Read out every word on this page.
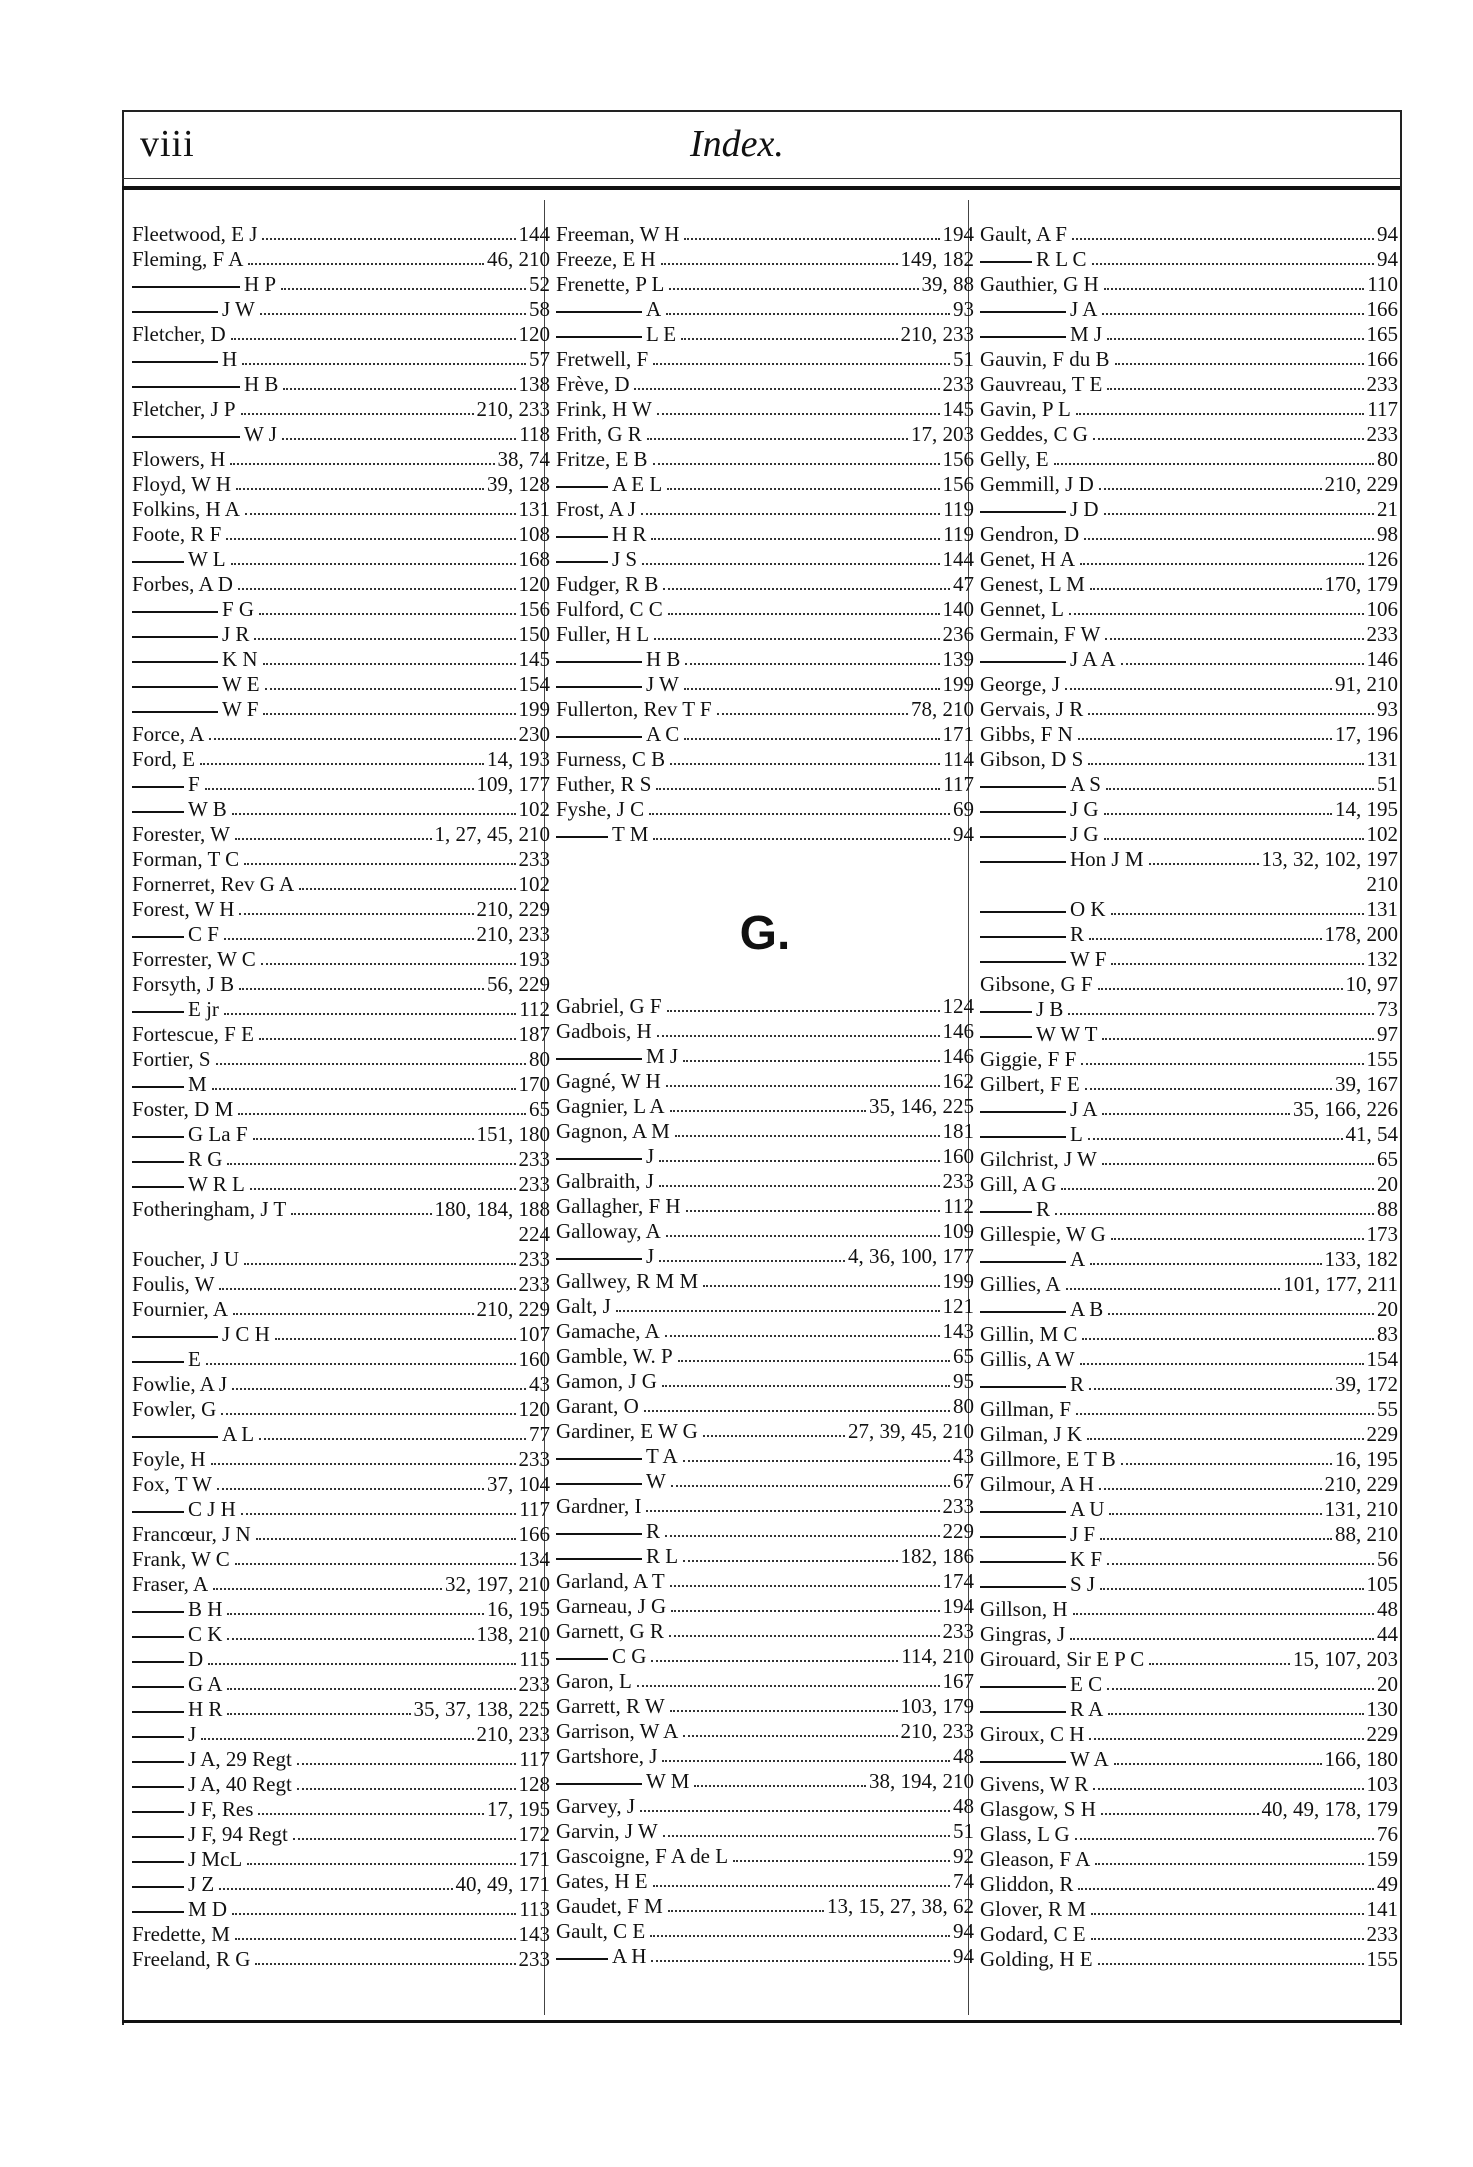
viii	Index.
Fleetwood, E J	144
Fleming, F A	46, 210
H P	52
J W	58
Fletcher, D	120
H	57
H B	138
Fletcher, J P	210, 233
W J	118
Flowers, H	38, 74
Floyd, W H	39, 128
Folkins, H A	131
Foote, R F	108
W L	168
Forbes, A D	120
F G	156
J R	150
K N	145
W E	154
W F	199
Force, A	230
Ford, E	14, 193
F	109, 177
W B	102
Forester, W	1, 27, 45, 210
Forman, T C	233
Fornerret, Rev G A	102
Forest, W H	210, 229
C F	210, 233
Forrester, W C	193
Forsyth, J B	56, 229
E jr	112
Fortescue, F E	187
Fortier, S	80
M	170
Foster, D M	65
G La F	151, 180
R G	233
W R L	233
Fotheringham, J T	180, 184, 188
224
Foucher, J U	233
Foulis, W	233
Fournier, A	210, 229
J C H	107
E	160
Fowlie, A J	43
Fowler, G	120
A L	77
Foyle, H	233
Fox, T W	37, 104
C J H	117
Francœur, J N	166
Frank, W C	134
Fraser, A	32, 197, 210
B H	16, 195
C K	138, 210
D	115
G A	233
H R	35, 37, 138, 225
J	210, 233
J A, 29 Regt	117
J A, 40 Regt	128
J F, Res	17, 195
J F, 94 Regt	172
J McL	171
J Z	40, 49, 171
M D	113
Fredette, M	143
Freeland, R G	233
Freeman, W H	194
Freeze, E H	149, 182
Frenette, P L	39, 88
A	93
L E	210, 233
Fretwell, F	51
Frève, D	233
Frink, H W	145
Frith, G R	17, 203
Fritze, E B	156
A E L	156
Frost, A J	119
H R	119
J S	144
Fudger, R B	47
Fulford, C C	140
Fuller, H L	236
H B	139
J W	199
Fullerton, Rev T F	78, 210
A C	171
Furness, C B	114
Futher, R S	117
Fyshe, J C	69
T M	94
G.
Gabriel, G F	124
Gadbois, H	146
M J	146
Gagné, W H	162
Gagnier, L A	35, 146, 225
Gagnon, A M	181
J	160
Galbraith, J	233
Gallagher, F H	112
Galloway, A	109
J	4, 36, 100, 177
Gallwey, R M M	199
Galt, J	121
Gamache, A	143
Gamble, W. P	65
Gamon, J G	95
Garant, O	80
Gardiner, E W G	27, 39, 45, 210
T A	43
W	67
Gardner, I	233
R	229
R L	182, 186
Garland, A T	174
Garneau, J G	194
Garnett, G R	233
C G	114, 210
Garon, L	167
Garrett, R W	103, 179
Garrison, W A	210, 233
Gartshore, J	48
W M	38, 194, 210
Garvey, J	48
Garvin, J W	51
Gascoigne, F A de L	92
Gates, H E	74
Gaudet, F M	13, 15, 27, 38, 62
Gault, C E	94
A H	94
Gault, A F	94
R L C	94
Gauthier, G H	110
J A	166
M J	165
Gauvin, F du B	166
Gauvreau, T E	233
Gavin, P L	117
Geddes, C G	233
Gelly, E	80
Gemmill, J D	210, 229
J D	21
Gendron, D	98
Genet, H A	126
Genest, L M	170, 179
Gennet, L	106
Germain, F W	233
J A A	146
George, J	91, 210
Gervais, J R	93
Gibbs, F N	17, 196
Gibson, D S	131
A S	51
J G	14, 195
J G	102
Hon J M	13, 32, 102, 197
210
O K	131
R	178, 200
W F	132
Gibsone, G F	10, 97
J B	73
W W T	97
Giggie, F F	155
Gilbert, F E	39, 167
J A	35, 166, 226
L	41, 54
Gilchrist, J W	65
Gill, A G	20
R	88
Gillespie, W G	173
A	133, 182
Gillies, A	101, 177, 211
A B	20
Gillin, M C	83
Gillis, A W	154
R	39, 172
Gillman, F	55
Gilman, J K	229
Gillmore, E T B	16, 195
Gilmour, A H	210, 229
A U	131, 210
J F	88, 210
K F	56
S J	105
Gillson, H	48
Gingras, J	44
Girouard, Sir E P C	15, 107, 203
E C	20
R A	130
Giroux, C H	229
W A	166, 180
Givens, W R	103
Glasgow, S H	40, 49, 178, 179
Glass, L G	76
Gleason, F A	159
Gliddon, R	49
Glover, R M	141
Godard, C E	233
Golding, H E	155
